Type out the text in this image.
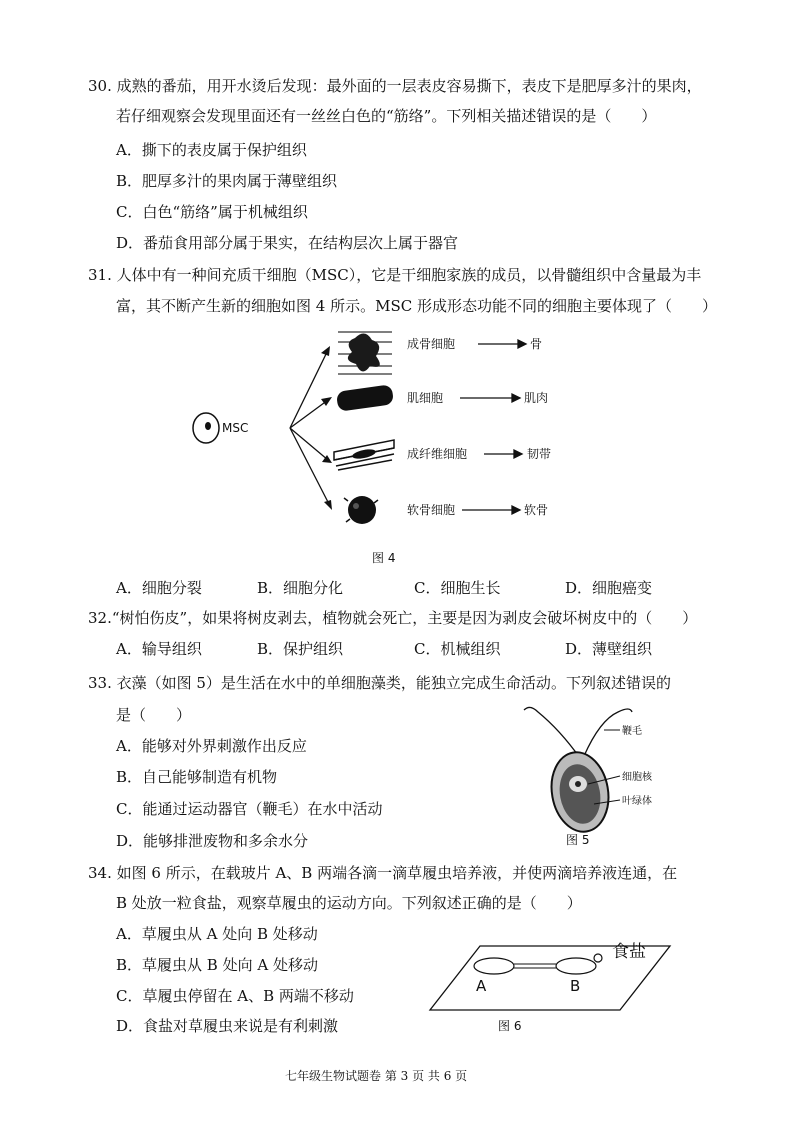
30. 成熟的番茄，用开水烫后发现：最外面的一层表皮容易撕下，表皮下是肥厚多汁的果肉，
若仔细观察会发现里面还有一丝丝白色的“筋络”。下列相关描述错误的是（　　）
A．撕下的表皮属于保护组织
B．肥厚多汁的果肉属于薄壁组织
C．白色“筋络”属于机械组织
D．番茄食用部分属于果实，在结构层次上属于器官
31. 人体中有一种间充质干细胞（MSC），它是干细胞家族的成员，以骨髓组织中含量最为丰
富，其不断产生新的细胞如图 4 所示。MSC 形成形态功能不同的细胞主要体现了（　　）
MSC
成骨细胞
肌细胞
成纤维细胞
软骨细胞
骨
肌肉
韧带
软骨
图 4
A．细胞分裂	B．细胞分化	C．细胞生长	D．细胞癌变
32.“树怕伤皮”，如果将树皮剥去，植物就会死亡，主要是因为剥皮会破坏树皮中的（　　）
A．输导组织	B．保护组织	C．机械组织	D．薄壁组织
33. 衣藻（如图 5）是生活在水中的单细胞藻类，能独立完成生命活动。下列叙述错误的
是（　　）
A．能够对外界刺激作出反应
B．自己能够制造有机物
C．能通过运动器官（鞭毛）在水中活动
D．能够排泄废物和多余水分
鞭毛
细胞核
叶绿体
图 5
34. 如图 6 所示，在载玻片 A、B 两端各滴一滴草履虫培养液，并使两滴培养液连通，在
B 处放一粒食盐，观察草履虫的运动方向。下列叙述正确的是（　　）
A．草履虫从 A 处向 B 处移动
B．草履虫从 B 处向 A 处移动
C．草履虫停留在 A、B 两端不移动
D．食盐对草履虫来说是有利刺激
食盐
A	B
图 6
七年级生物试题卷 第 3 页 共 6 页
